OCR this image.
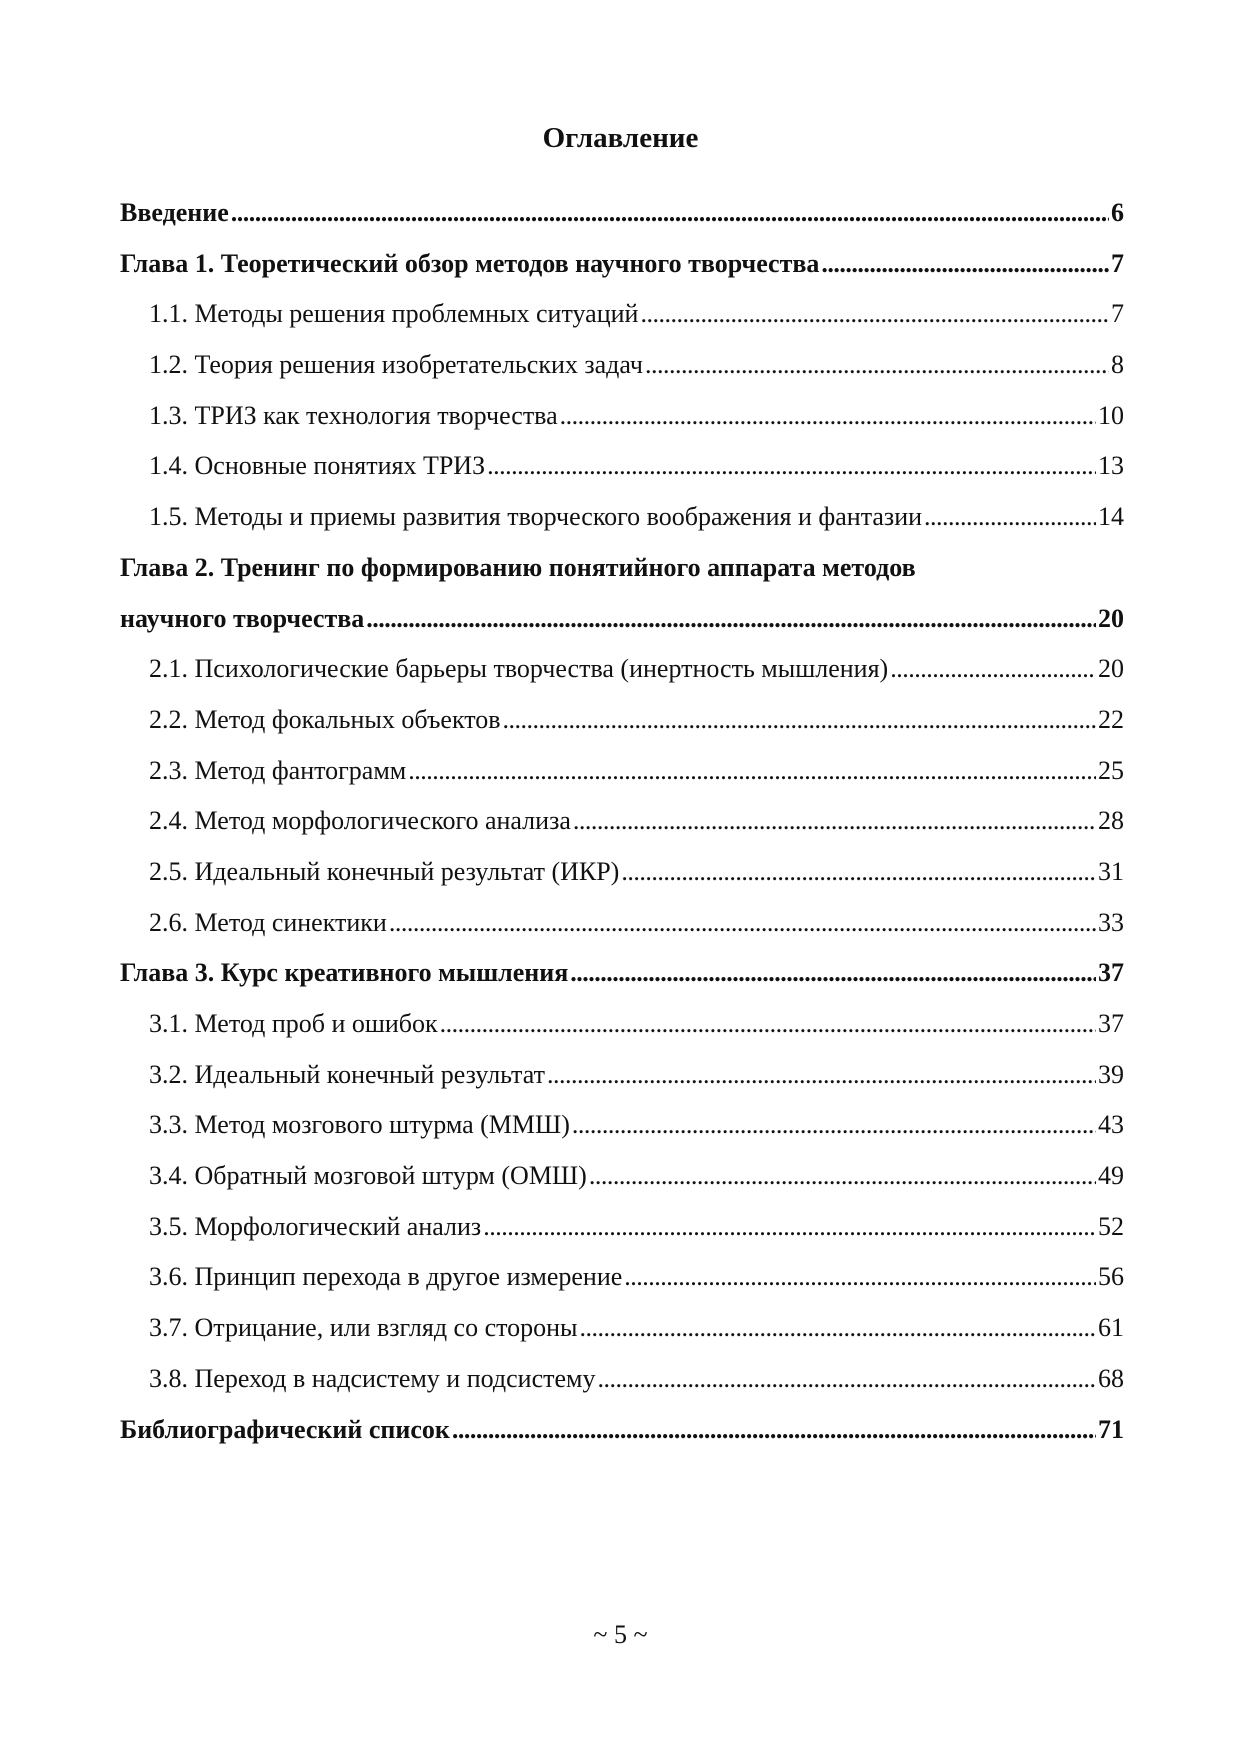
Оглавление
Введение . . .	6
Глава 1. Теоретический обзор методов научного творчества . . .	7
1.1. Методы решения проблемных ситуаций . . .	7
1.2. Теория решения изобретательских задач . . .	8
1.3. ТРИЗ как технология творчества . . .	10
1.4. Основные понятиях ТРИЗ . . .	13
1.5. Методы и приемы развития творческого воображения и фантазии . . .	14
Глава 2. Тренинг по формированию понятийного аппарата методов
научного творчества . . .	20
2.1. Психологические барьеры творчества (инертность мышления) . . .	20
2.2. Метод фокальных объектов . . .	22
2.3. Метод фантограмм . . .	25
2.4. Метод морфологического анализа . . .	28
2.5. Идеальный конечный результат (ИКР) . . .	31
2.6. Метод синектики . . .	33
Глава 3. Курс креативного мышления . . .	37
3.1. Метод проб и ошибок . . .	37
3.2. Идеальный конечный результат . . .	39
3.3. Метод мозгового штурма (ММШ) . . .	43
3.4. Обратный мозговой штурм (ОМШ) . . .	49
3.5. Морфологический анализ . . .	52
3.6. Принцип перехода в другое измерение . . .	56
3.7. Отрицание, или взгляд со стороны . . .	61
3.8. Переход в надсистему и подсистему . . .	68
Библиографический список . . .	71
~ 5 ~
